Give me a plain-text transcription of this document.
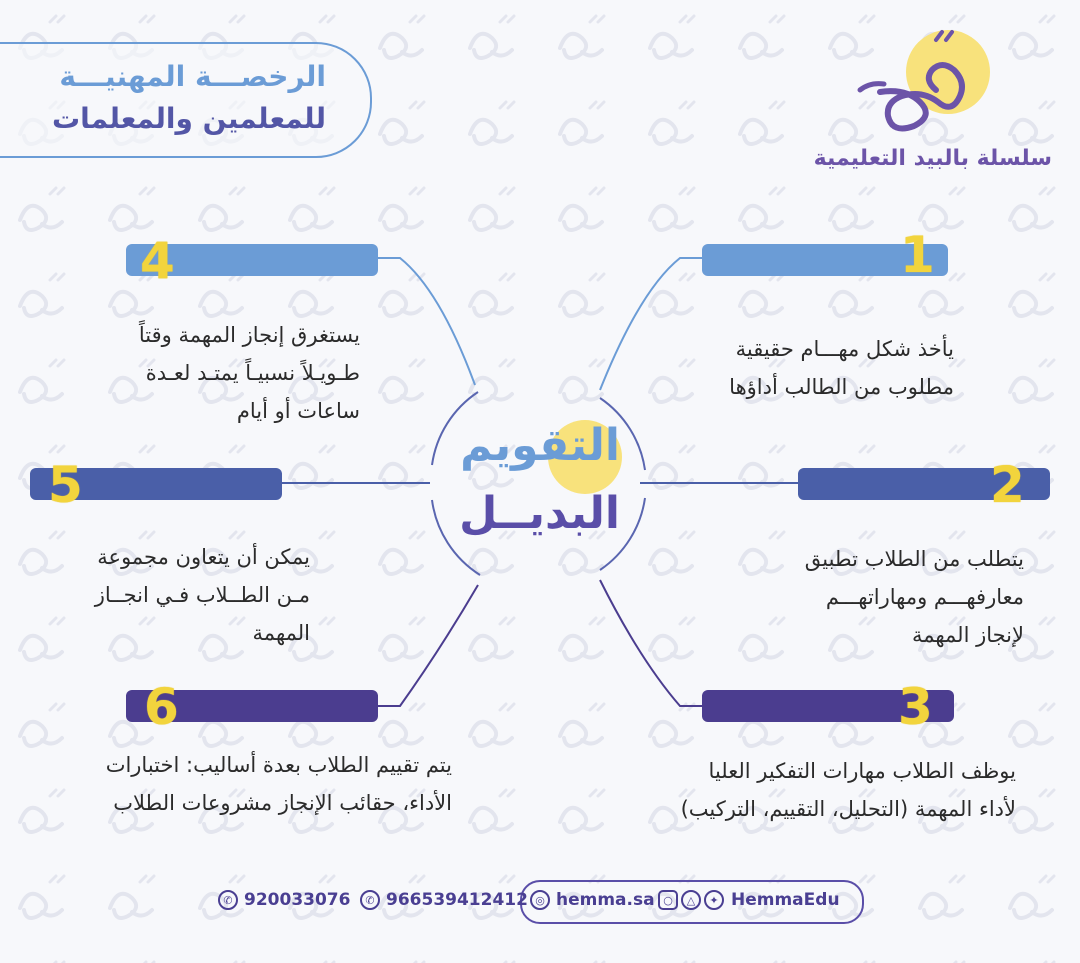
الرخصـــة المهنيـــة
للمعلمين والمعلمات
سلسلة بالبيد التعليمية
1
4
2
5
3
6
يأخذ شكل مهـــام حقيقية
مطلوب من الطالب أداؤها
يستغرق إنجاز المهمة وقتاً
طـويـلاً نسبيـاً يمتـد لعـدة
ساعات أو أيام
يتطلب من الطلاب تطبيق
معارفهـــم ومهاراتهـــم
لإنجاز المهمة
يمكن أن يتعاون مجموعة
مـن الطــلاب فـي انجــاز
المهمة
يوظف الطلاب مهارات التفكير العليا
لأداء المهمة (التحليل، التقييم، التركيب)
يتم تقييم الطلاب بعدة أساليب: اختبارات
الأداء، حقائب الإنجاز مشروعات الطلاب
التقويم
البديــل
✆ 920033076	✆ 966539412412 ◎ hemma.sa ○	△	✦ HemmaEdu
